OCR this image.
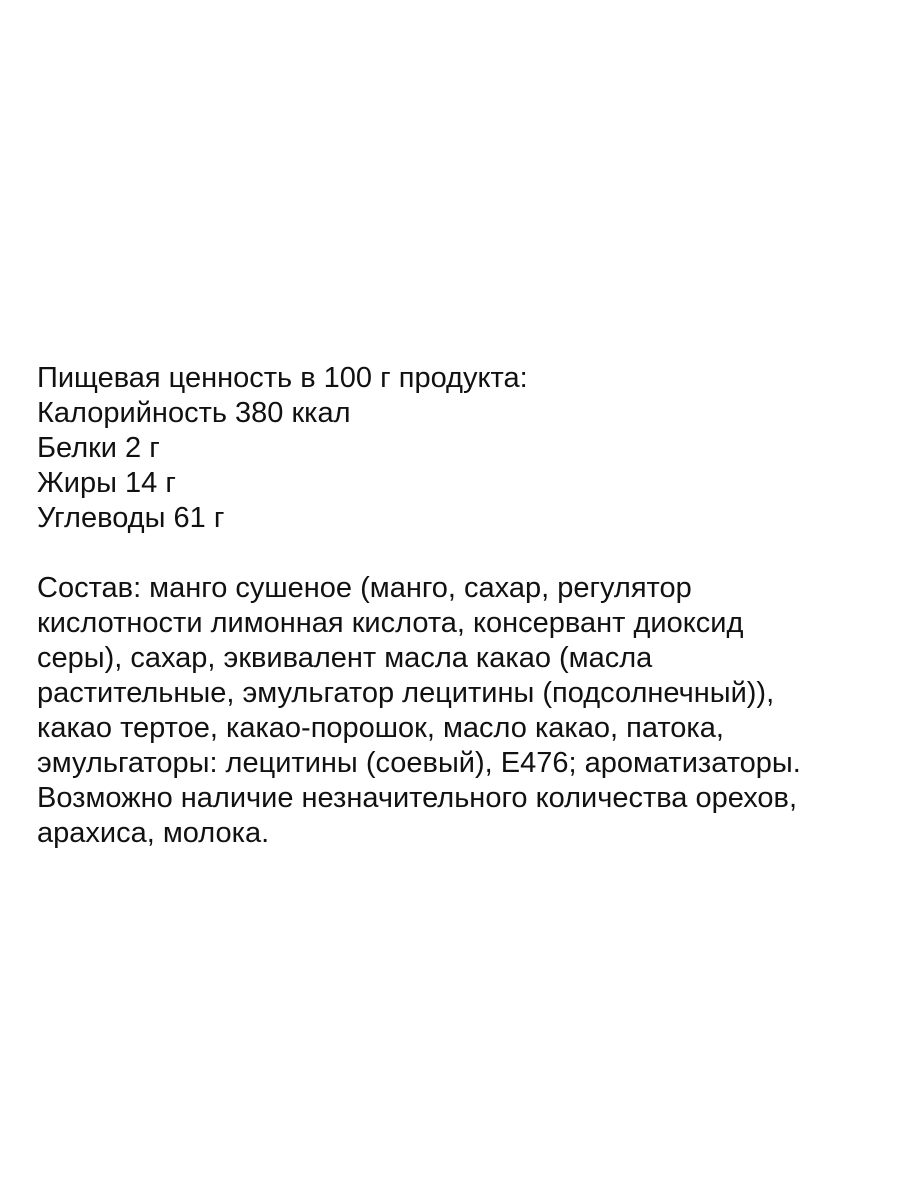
Пищевая ценность в 100 г продукта:

Калорийность 380 ккал

Белки 2 г

Жиры 14 г

Углеводы 61 г

Состав: манго сушеное (манго, сахар, регулятор

кислотности лимонная кислота, консервант диоксид

серы), сахар, эквивалент масла какао (масла

растительные, эмульгатор лецитины (подсолнечный)),

какао тертое, какао-порошок, масло какао, патока,

эмульгаторы: лецитины (соевый), Е476; ароматизаторы.

Возможно наличие незначительного количества орехов,

арахиса, молока.
